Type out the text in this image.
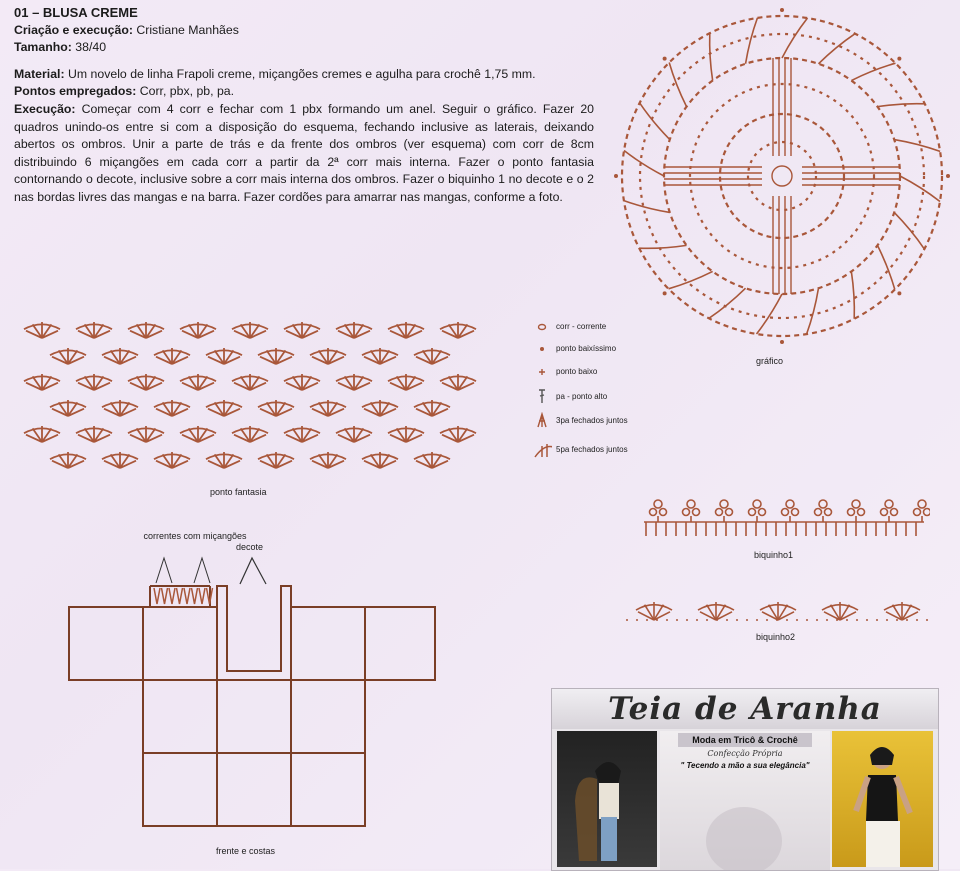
01 – BLUSA CREME

Criação e execução: Cristiane Manhães

Tamanho: 38/40

Material: Um novelo de linha Frapoli creme, miçangões cremes e agulha para crochê 1,75 mm.

Pontos empregados: Corr, pbx, pb, pa.

Execução: Começar com 4 corr e fechar com 1 pbx formando um anel. Seguir o gráfico. Fazer 20 quadros unindo-os entre si com a disposição do esquema, fechando inclusive as laterais, deixando abertos os ombros. Unir a parte de trás e da frente dos ombros (ver esquema) com corr de 8cm distribuindo 6 miçangões em cada corr a partir da 2ª corr mais interna. Fazer o ponto fantasia contornando o decote, inclusive sobre a corr mais interna dos ombros. Fazer o biquinho 1 no decote e o 2 nas bordas livres das mangas e na barra. Fazer cordões para amarrar nas mangas, conforme a foto.

gráfico
ponto fantasia
corr - corrente
ponto baixíssimo
ponto baixo
pa - ponto alto
3pa fechados juntos
5pa fechados juntos
biquinho1
biquinho2
correntes com miçangões
decote
frente e costas
Teia de Aranha
Moda em Tricô & Crochê
Confecção Própria
" Tecendo a mão a sua elegância"
